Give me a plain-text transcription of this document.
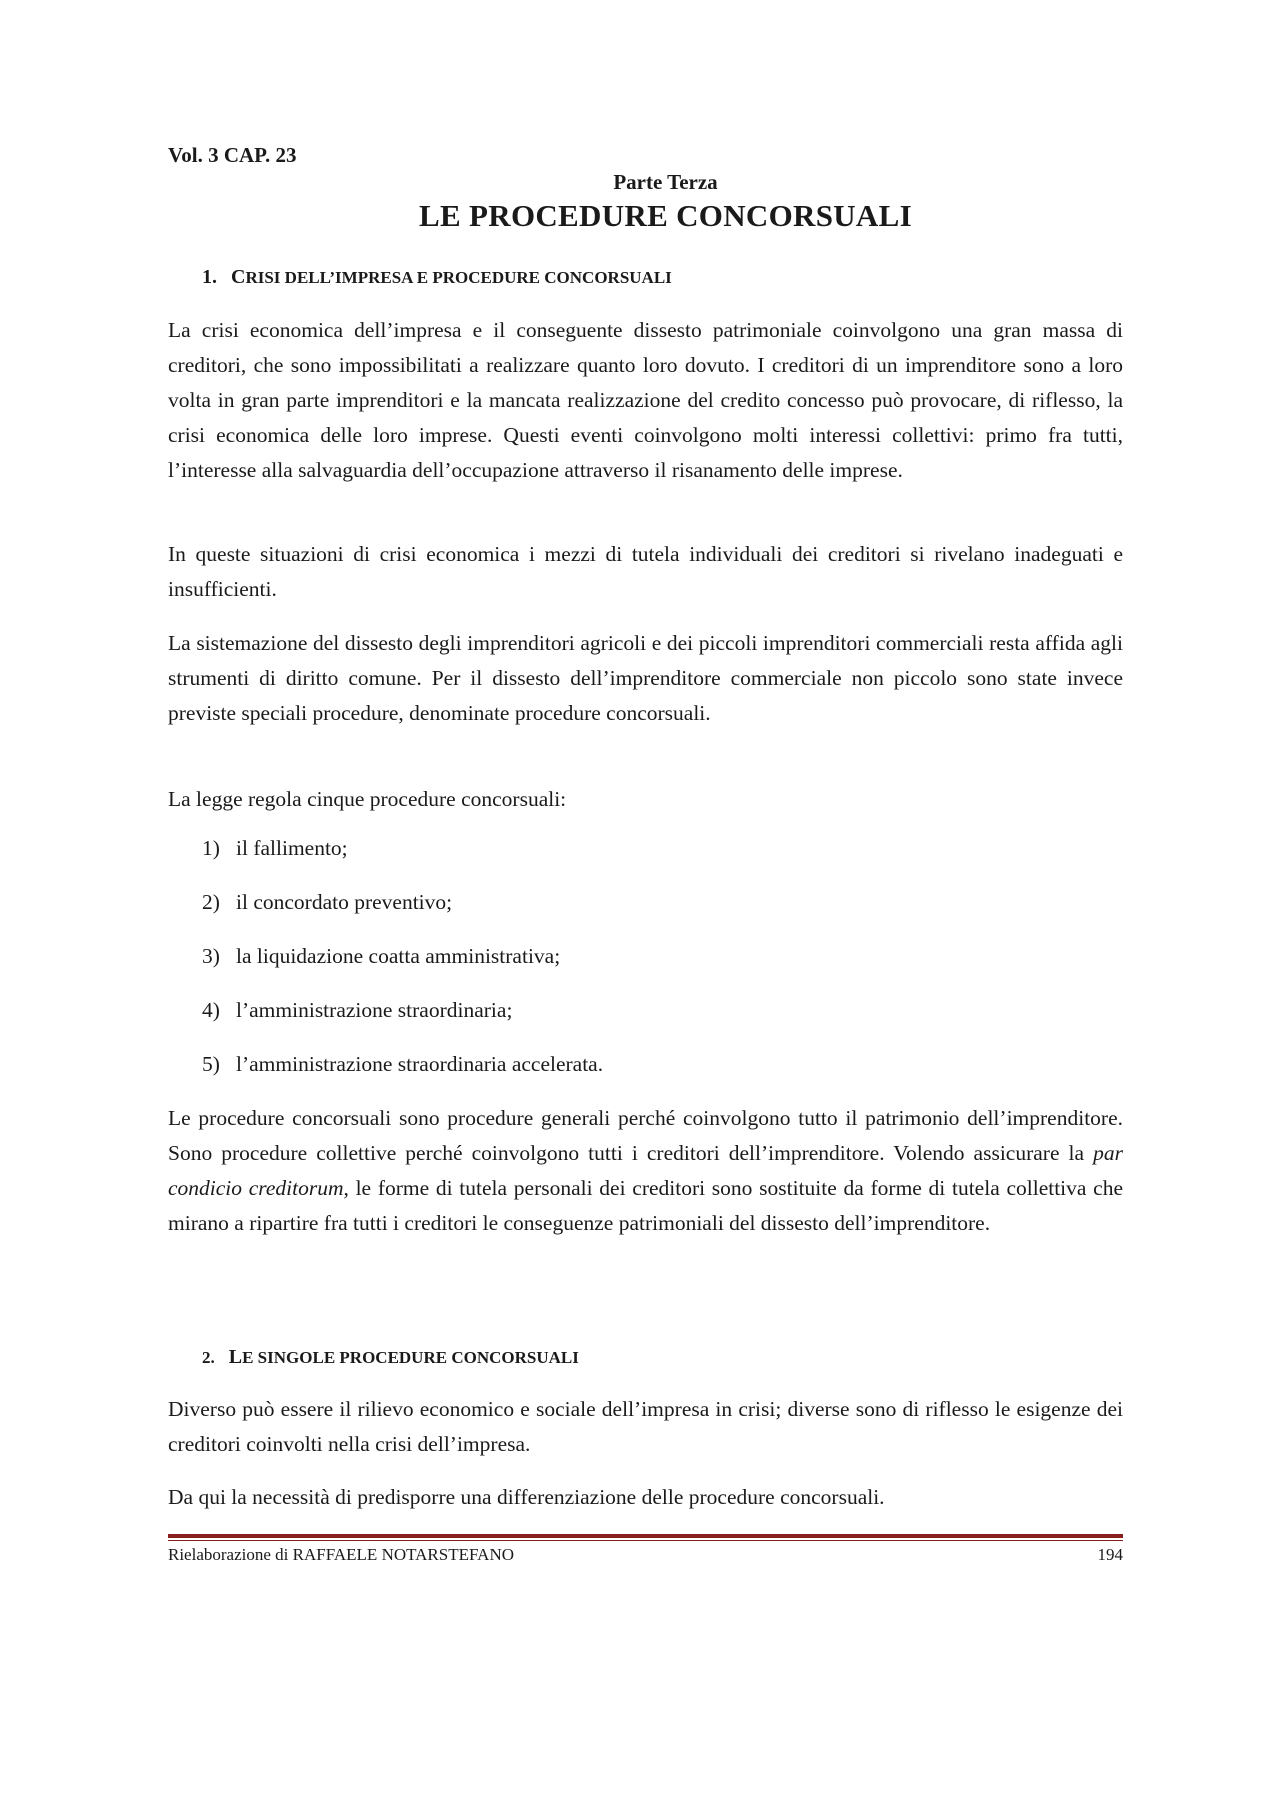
Vol. 3 CAP. 23
Parte Terza
LE PROCEDURE CONCORSUALI
1. CRISI DELL’IMPRESA E PROCEDURE CONCORSUALI
La crisi economica dell’impresa e il conseguente dissesto patrimoniale coinvolgono una gran massa di creditori, che sono impossibilitati a realizzare quanto loro dovuto. I creditori di un imprenditore sono a loro volta in gran parte imprenditori e la mancata realizzazione del credito concesso può provocare, di riflesso, la crisi economica delle loro imprese. Questi eventi coinvolgono molti interessi collettivi: primo fra tutti, l’interesse alla salvaguardia dell’occupazione attraverso il risanamento delle imprese.
In queste situazioni di crisi economica i mezzi di tutela individuali dei creditori si rivelano inadeguati e insufficienti.
La sistemazione del dissesto degli imprenditori agricoli e dei piccoli imprenditori commerciali resta affida agli strumenti di diritto comune. Per il dissesto dell’imprenditore commerciale non piccolo sono state invece previste speciali procedure, denominate procedure concorsuali.
La legge regola cinque procedure concorsuali:
1) il fallimento;
2) il concordato preventivo;
3) la liquidazione coatta amministrativa;
4) l’amministrazione straordinaria;
5) l’amministrazione straordinaria accelerata.
Le procedure concorsuali sono procedure generali perché coinvolgono tutto il patrimonio dell’imprenditore. Sono procedure collettive perché coinvolgono tutti i creditori dell’imprenditore. Volendo assicurare la par condicio creditorum, le forme di tutela personali dei creditori sono sostituite da forme di tutela collettiva che mirano a ripartire fra tutti i creditori le conseguenze patrimoniali del dissesto dell’imprenditore.
2. LE SINGOLE PROCEDURE CONCORSUALI
Diverso può essere il rilievo economico e sociale dell’impresa in crisi; diverse sono di riflesso le esigenze dei creditori coinvolti nella crisi dell’impresa.
Da qui la necessità di predisporre una differenziazione delle procedure concorsuali.
Rielaborazione di RAFFAELE NOTARSTEFANO	194
